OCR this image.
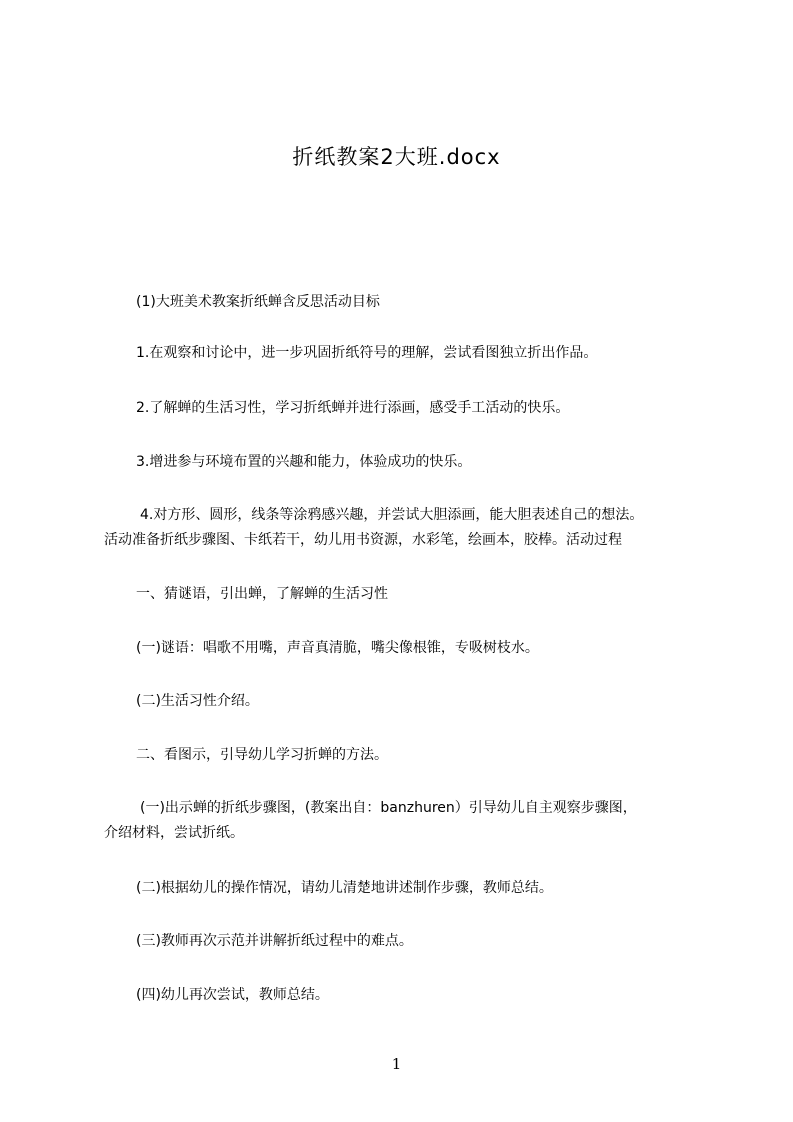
折纸教案2大班.docx
(1)大班美术教案折纸蝉含反思活动目标
1.在观察和讨论中，进一步巩固折纸符号的理解，尝试看图独立折出作品。
2.了解蝉的生活习性，学习折纸蝉并进行添画，感受手工活动的快乐。
3.增进参与环境布置的兴趣和能力，体验成功的快乐。
4.对方形、圆形，线条等涂鸦感兴趣，并尝试大胆添画，能大胆表述自己的想法。
活动准备折纸步骤图、卡纸若干，幼儿用书资源，水彩笔，绘画本，胶棒。活动过程
一、猜谜语，引出蝉，了解蝉的生活习性
(一)谜语：唱歌不用嘴，声音真清脆，嘴尖像根锥，专吸树枝水。
(二)生活习性介绍。
二、看图示，引导幼儿学习折蝉的方法。
(一)出示蝉的折纸步骤图，(教案出自：banzhuren）引导幼儿自主观察步骤图，
介绍材料，尝试折纸。
(二)根据幼儿的操作情况，请幼儿清楚地讲述制作步骤，教师总结。
(三)教师再次示范并讲解折纸过程中的难点。
(四)幼儿再次尝试，教师总结。
1
